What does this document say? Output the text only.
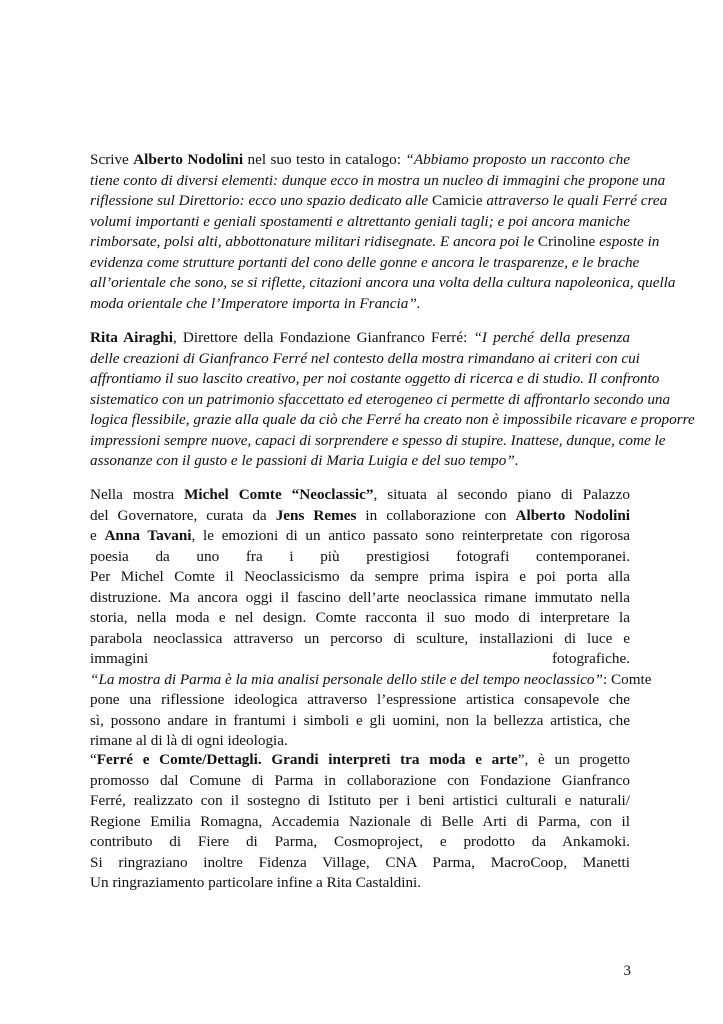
Scrive Alberto Nodolini nel suo testo in catalogo: “Abbiamo proposto un racconto che
tiene conto di diversi elementi: dunque ecco in mostra un nucleo di immagini che propone una
riflessione sul Direttorio: ecco uno spazio dedicato alle Camicie attraverso le quali Ferré crea
volumi importanti e geniali spostamenti e altrettanto geniali tagli; e poi ancora maniche
rimborsate, polsi alti, abbottonature militari ridisegnate. E ancora poi le Crinoline esposte in
evidenza come strutture portanti del cono delle gonne e ancora le trasparenze, e le brache
all’orientale che sono, se si riflette, citazioni ancora una volta della cultura napoleonica, quella
moda orientale che l’Imperatore importa in Francia”.
Rita Airaghi, Direttore della Fondazione Gianfranco Ferré: “I perché della presenza
delle creazioni di Gianfranco Ferré nel contesto della mostra rimandano ai criteri con cui
affrontiamo il suo lascito creativo, per noi costante oggetto di ricerca e di studio. Il confronto
sistematico con un patrimonio sfaccettato ed eterogeneo ci permette di affrontarlo secondo una
logica flessibile, grazie alla quale da ciò che Ferré ha creato non è impossibile ricavare e proporre
impressioni sempre nuove, capaci di sorprendere e spesso di stupire. Inattese, dunque, come le
assonanze con il gusto e le passioni di Maria Luigia e del suo tempo”.
Nella mostra Michel Comte “Neoclassic”, situata al secondo piano di Palazzo
del Governatore, curata da Jens Remes in collaborazione con Alberto Nodolini
e Anna Tavani, le emozioni di un antico passato sono reinterpretate con rigorosa
poesia da uno fra i più prestigiosi fotografi contemporanei.
Per Michel Comte il Neoclassicismo da sempre prima ispira e poi porta alla
distruzione. Ma ancora oggi il fascino dell’arte neoclassica rimane immutato nella
storia, nella moda e nel design. Comte racconta il suo modo di interpretare la
parabola neoclassica attraverso un percorso di sculture, installazioni di luce e
immagini fotografiche.
“La mostra di Parma è la mia analisi personale dello stile e del tempo neoclassico”: Comte
pone una riflessione ideologica attraverso l’espressione artistica consapevole che
sì, possono andare in frantumi i simboli e gli uomini, non la bellezza artistica, che
rimane al di là di ogni ideologia.
“Ferré e Comte/Dettagli. Grandi interpreti tra moda e arte”, è un progetto
promosso dal Comune di Parma in collaborazione con Fondazione Gianfranco
Ferré, realizzato con il sostegno di Istituto per i beni artistici culturali e naturali/
Regione Emilia Romagna, Accademia Nazionale di Belle Arti di Parma, con il
contributo di Fiere di Parma, Cosmoproject, e prodotto da Ankamoki.
Si ringraziano inoltre Fidenza Village, CNA Parma, MacroCoop, Manetti
Un ringraziamento particolare infine a Rita Castaldini.
3
